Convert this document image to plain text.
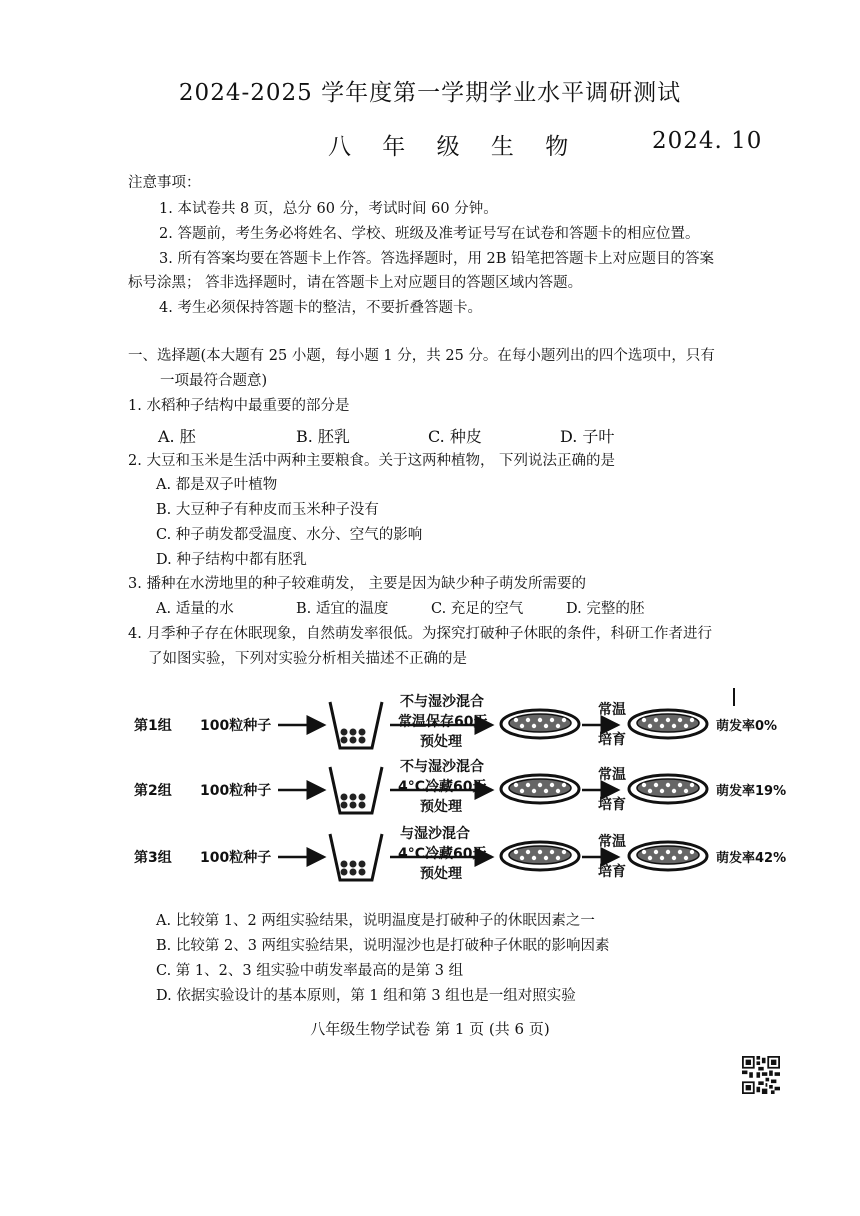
2024-2025 学年度第一学期学业水平调研测试
八 年 级 生 物	2024. 10
注意事项：
1. 本试卷共 8 页，总分 60 分，考试时间 60 分钟。
2. 答题前，考生务必将姓名、学校、班级及准考证号写在试卷和答题卡的相应位置。
3. 所有答案均要在答题卡上作答。答选择题时，用 2B 铅笔把答题卡上对应题目的答案
标号涂黑； 答非选择题时，请在答题卡上对应题目的答题区域内答题。
4. 考生必须保持答题卡的整洁，不要折叠答题卡。
一、选择题(本大题有 25 小题，每小题 1 分，共 25 分。在每小题列出的四个选项中，只有
一项最符合题意)
1. 水稻种子结构中最重要的部分是
A. 胚	B. 胚乳	C. 种皮	D. 子叶
2. 大豆和玉米是生活中两种主要粮食。关于这两种植物， 下列说法正确的是
A. 都是双子叶植物
B. 大豆种子有种皮而玉米种子没有
C. 种子萌发都受温度、水分、空气的影响
D. 种子结构中都有胚乳
3. 播种在水涝地里的种子较难萌发， 主要是因为缺少种子萌发所需要的
A. 适量的水	B. 适宜的温度	C. 充足的空气	D. 完整的胚
4. 月季种子存在休眠现象，自然萌发率很低。为探究打破种子休眠的条件，科研工作者进行
了如图实验，下列对实验分析相关描述不正确的是
第1组 100粒种子
不与湿沙混合
常温保存60天
预处理
常温
培育
萌发率0%
第2组 100粒种子
不与湿沙混合
4°C冷藏60天
预处理
常温
培育
萌发率19%
第3组 100粒种子
与湿沙混合
4°C冷藏60天
预处理
常温
培育
萌发率42%
A. 比较第 1、2 两组实验结果，说明温度是打破种子的休眠因素之一
B. 比较第 2、3 两组实验结果，说明湿沙也是打破种子休眠的影响因素
C. 第 1、2、3 组实验中萌发率最高的是第 3 组
D. 依据实验设计的基本原则，第 1 组和第 3 组也是一组对照实验
八年级生物学试卷 第 1 页 (共 6 页)
